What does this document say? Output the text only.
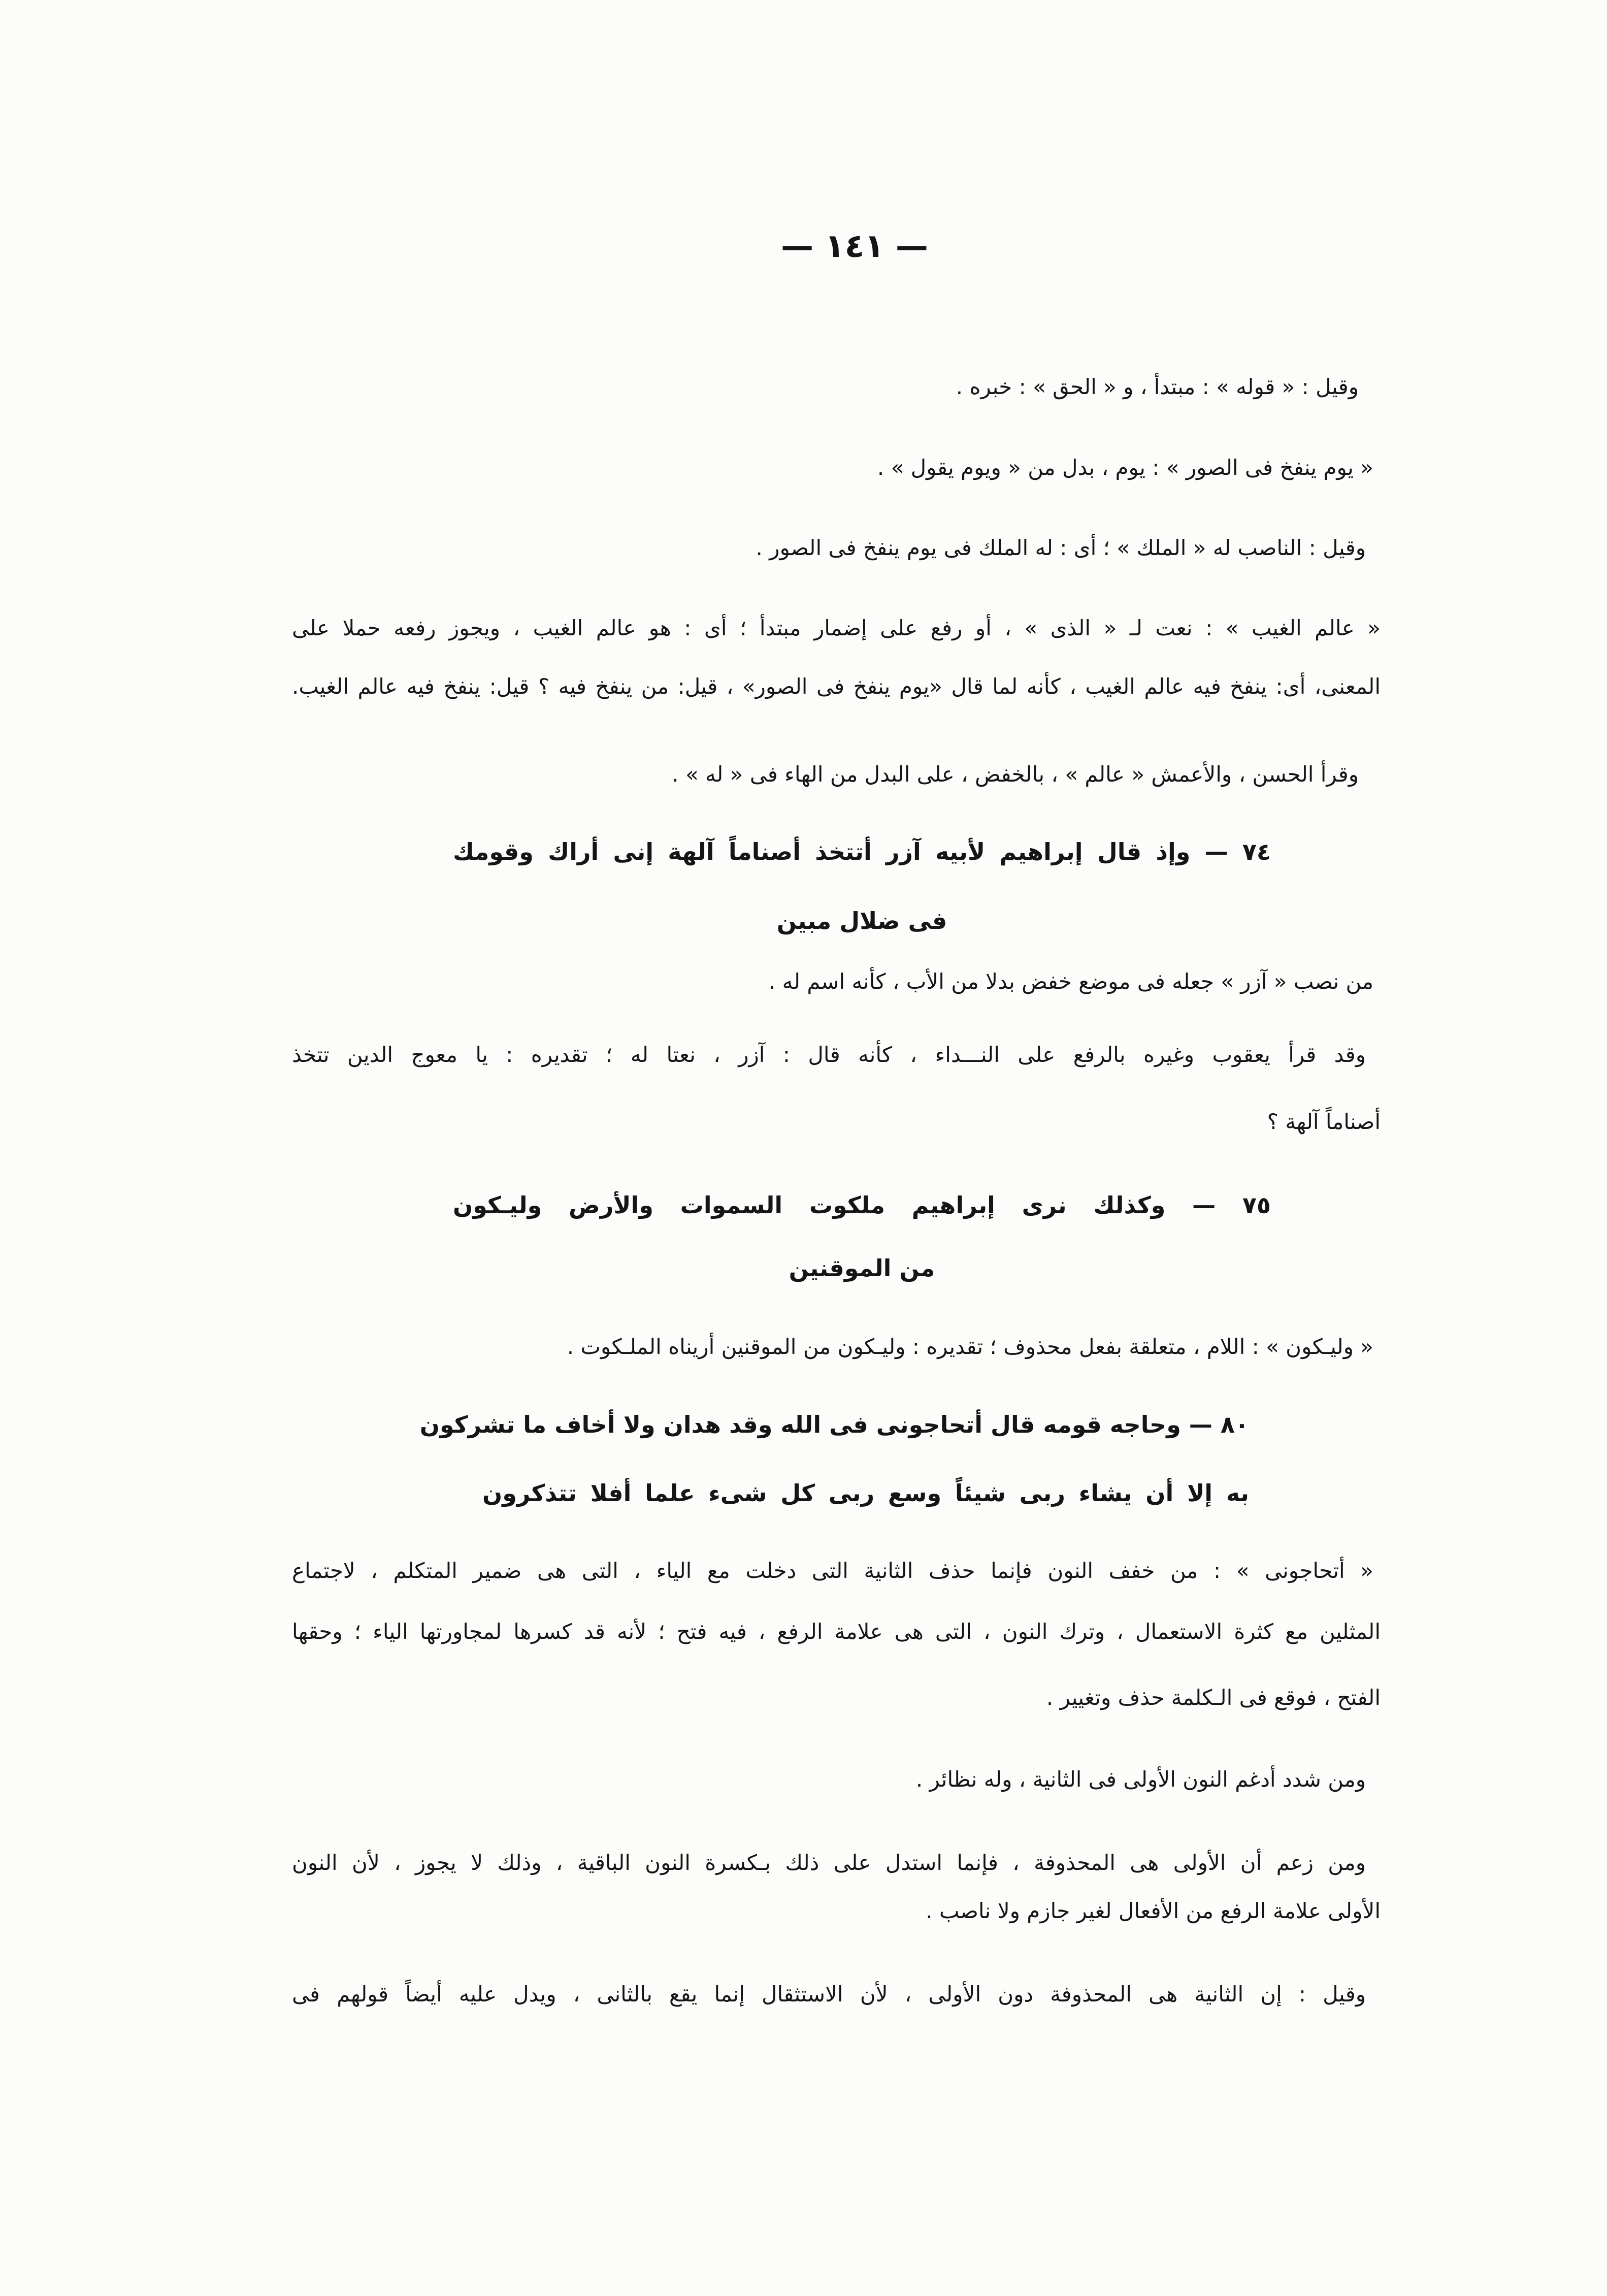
— ١٤١ —
وقيل : « قوله » : مبتدأ ، و « الحق » : خبره .
« يوم ينفخ فى الصور » : يوم ، بدل من « ويوم يقول » .
وقيل : الناصب له « الملك » ؛ أى : له الملك فى يوم ينفخ فى الصور .
« عالم الغيب » : نعت لـ « الذى » ، أو رفع على إضمار مبتدأ ؛ أى : هو عالم الغيب ، ويجوز رفعه حملا على
المعنى، أى: ينفخ فيه عالم الغيب ، كأنه لما قال «يوم ينفخ فى الصور» ، قيل: من ينفخ فيه ؟ قيل: ينفخ فيه عالم الغيب.
وقرأ الحسن ، والأعمش « عالم » ، بالخفض ، على البدل من الهاء فى « له » .
٧٤ — وإذ قال إبراهيم لأبيه آزر أتتخذ أصناماً آلهة إنى أراك وقومك
فى ضلال مبين
من نصب « آزر » جعله فى موضع خفض بدلا من الأب ، كأنه اسم له .
وقد قرأ يعقوب وغيره بالرفع على النـــداء ، كأنه قال : آزر ، نعتا له ؛ تقديره : يا معوج الدين تتخذ
أصناماً آلهة ؟
٧٥ — وكذلك نرى إبراهيم ملكوت السموات والأرض وليـكون
من الموقنين
« وليـكون » : اللام ، متعلقة بفعل محذوف ؛ تقديره : وليـكون من الموقنين أريناه الملـكوت .
٨٠ — وحاجه قومه قال أتحاجونى فى الله وقد هدان ولا أخاف ما تشركون
به إلا أن يشاء ربى شيئاً وسع ربى كل شىء علما أفلا تتذكرون
« أتحاجونى » : من خفف النون فإنما حذف الثانية التى دخلت مع الياء ، التى هى ضمير المتكلم ، لاجتماع
المثلين مع كثرة الاستعمال ، وترك النون ، التى هى علامة الرفع ، فيه فتح ؛ لأنه قد كسرها لمجاورتها الياء ؛ وحقها
الفتح ، فوقع فى الـكلمة حذف وتغيير .
ومن شدد أدغم النون الأولى فى الثانية ، وله نظائر .
ومن زعم أن الأولى هى المحذوفة ، فإنما استدل على ذلك بـكسرة النون الباقية ، وذلك لا يجوز ، لأن النون
الأولى علامة الرفع من الأفعال لغير جازم ولا ناصب .
وقيل : إن الثانية هى المحذوفة دون الأولى ، لأن الاستثقال إنما يقع بالثانى ، ويدل عليه أيضاً قولهم فى
